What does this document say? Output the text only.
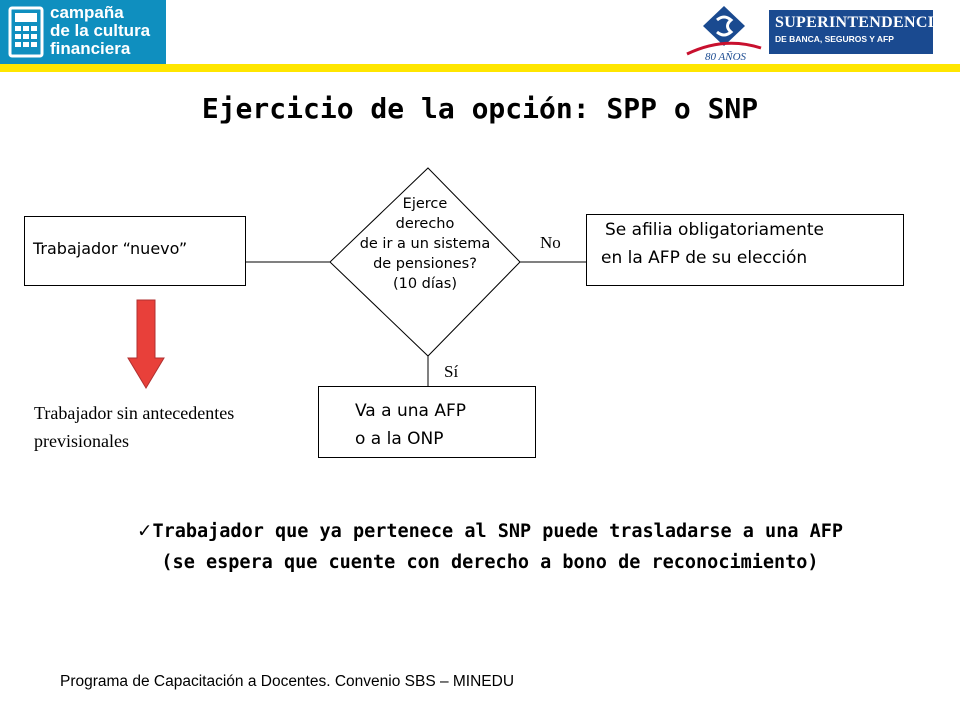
campaña
de la cultura
financiera	80 AÑOS
SUPERINTENDENCIA
DE BANCA, SEGUROS Y AFP
Ejercicio de la opción: SPP o SNP
Trabajador “nuevo”
Ejerce
derecho
de ir a un sistema
de pensiones?
(10 días)
No
Se afilia obligatoriamente
en la AFP de su elección
Sí
Va a una AFP
o a la ONP
Trabajador sin antecedentes
previsionales
✓Trabajador que ya pertenece al SNP puede trasladarse a una AFP
(se espera que cuente con derecho a bono de reconocimiento)
Programa de Capacitación a Docentes. Convenio SBS – MINEDU
